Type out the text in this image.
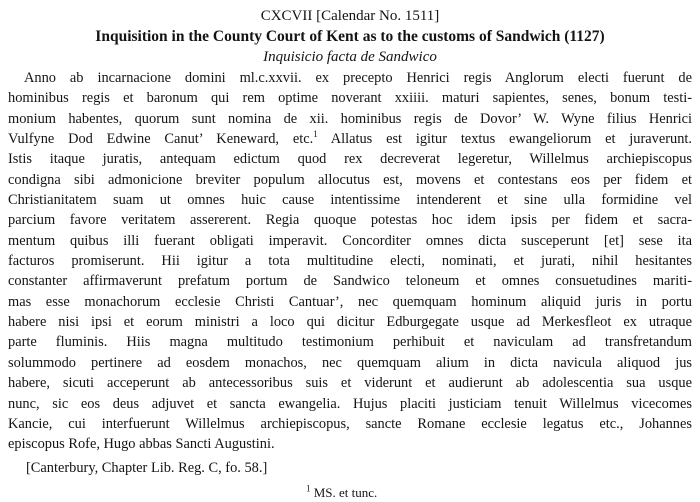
CXCVII [Calendar No. 1511]

Inquisition in the County Court of Kent as to the customs of Sandwich (1127)

Inquisicio facta de Sandwico

Anno ab incarnacione domini ml.c.xxvii. ex precepto Henrici regis Anglorum electi fuerunt de
hominibus regis et baronum qui rem optime noverant xxiiii. maturi sapientes, senes, bonum testi-
monium habentes, quorum sunt nomina de xii. hominibus regis de Dovor’ W. Wyne filius Henrici
Vulfyne Dod Edwine Canut’ Keneward, etc.$^1$ Allatus est igitur textus ewangeliorum et juraverunt.
Istis itaque juratis, antequam edictum quod rex decreverat legeretur, Willelmus archiepiscopus
condigna sibi admonicione breviter populum allocutus est, movens et contestans eos per fidem et
Christianitatem suam ut omnes huic cause intentissime intenderent et sine ulla formidine vel
parcium favore veritatem assererent. Regia quoque potestas hoc idem ipsis per fidem et sacra-
mentum quibus illi fuerant obligati imperavit. Concorditer omnes dicta susceperunt [et] sese ita
facturos promiserunt. Hii igitur a tota multitudine electi, nominati, et jurati, nihil hesitantes
constanter affirmaverunt prefatum portum de Sandwico teloneum et omnes consuetudines mariti-
mas esse monachorum ecclesie Christi Cantuar’, nec quemquam hominum aliquid juris in portu
habere nisi ipsi et eorum ministri a loco qui dicitur Edburgegate usque ad Merkesfleot ex utraque
parte fluminis. Hiis magna multitudo testimonium perhibuit et naviculam ad transfretandum
solummodo pertinere ad eosdem monachos, nec quemquam alium in dicta navicula aliquod jus
habere, sicuti acceperunt ab antecessoribus suis et viderunt et audierunt ab adolescentia sua usque
nunc, sic eos deus adjuvet et sancta ewangelia. Hujus placiti justiciam tenuit Willelmus vicecomes
Kancie, cui interfuerunt Willelmus archiepiscopus, sancte Romane ecclesie legatus etc., Johannes
episcopus Rofe, Hugo abbas Sancti Augustini.

[Canterbury, Chapter Lib. Reg. C, fo. 58.]

$^1$ MS. et tunc.
